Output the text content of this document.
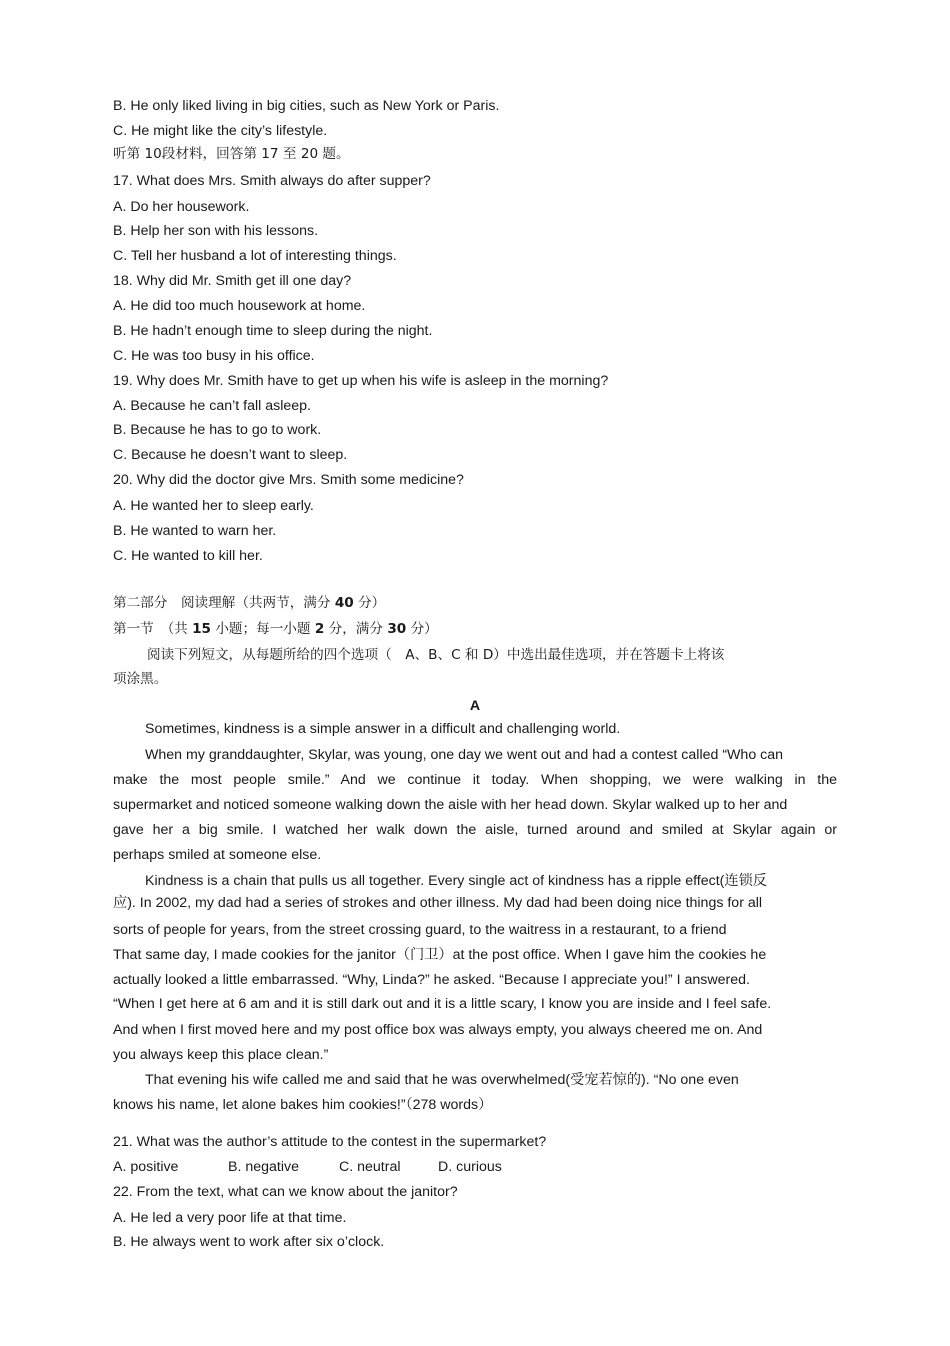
B. He only liked living in big cities, such as New York or Paris.
C. He might like the city’s lifestyle.
听第 10段材料，回答第 17 至 20 题。
17. What does Mrs. Smith always do after supper?
A. Do her housework.
B. Help her son with his lessons.
C. Tell her husband a lot of interesting things.
18. Why did Mr. Smith get ill one day?
A. He did too much housework at home.
B. He hadn’t enough time to sleep during the night.
C. He was too busy in his office.
19. Why does Mr. Smith have to get up when his wife is asleep in the morning?
A. Because he can’t fall asleep.
B. Because he has to go to work.
C. Because he doesn’t want to sleep.
20. Why did the doctor give Mrs. Smith some medicine?
A. He wanted her to sleep early.
B. He wanted to warn her.
C. He wanted to kill her.
第二部分　阅读理解（共两节，满分 40 分）
第一节　（共 15 小题；每一小题 2 分，满分 30 分）
阅读下列短文，从每题所给的四个选项（　A、B、C 和 D）中选出最佳选项，并在答题卡上将该
项涂黑。
A
Sometimes, kindness is a simple answer in a difficult and challenging world.
When my granddaughter, Skylar, was young, one day we went out and had a contest called “Who can
make the most people smile.” And we continue it today. When shopping, we were walking in the
supermarket and noticed someone walking down the aisle with her head down. Skylar walked up to her and
gave her a big smile. I watched her walk down the aisle, turned around and smiled at Skylar again or
perhaps smiled at someone else.
Kindness is a chain that pulls us all together. Every single act of kindness has a ripple effect(连锁反
应). In 2002, my dad had a series of strokes and other illness. My dad had been doing nice things for all
sorts of people for years, from the street crossing guard, to the waitress in a restaurant, to a friend
That same day, I made cookies for the janitor（门卫）at the post office. When I gave him the cookies he
actually looked a little embarrassed. “Why, Linda?” he asked. “Because I appreciate you!” I answered.
“When I get here at 6 am and it is still dark out and it is a little scary, I know you are inside and I feel safe.
And when I first moved here and my post office box was always empty, you always cheered me on. And
you always keep this place clean.”
That evening his wife called me and said that he was overwhelmed(受宠若惊的). “No one even
knows his name, let alone bakes him cookies!”（278 words）
21. What was the author’s attitude to the contest in the supermarket?
A. positive	B. negative	C. neutral	D. curious
22. From the text, what can we know about the janitor?
A. He led a very poor life at that time.
B. He always went to work after six o’clock.
